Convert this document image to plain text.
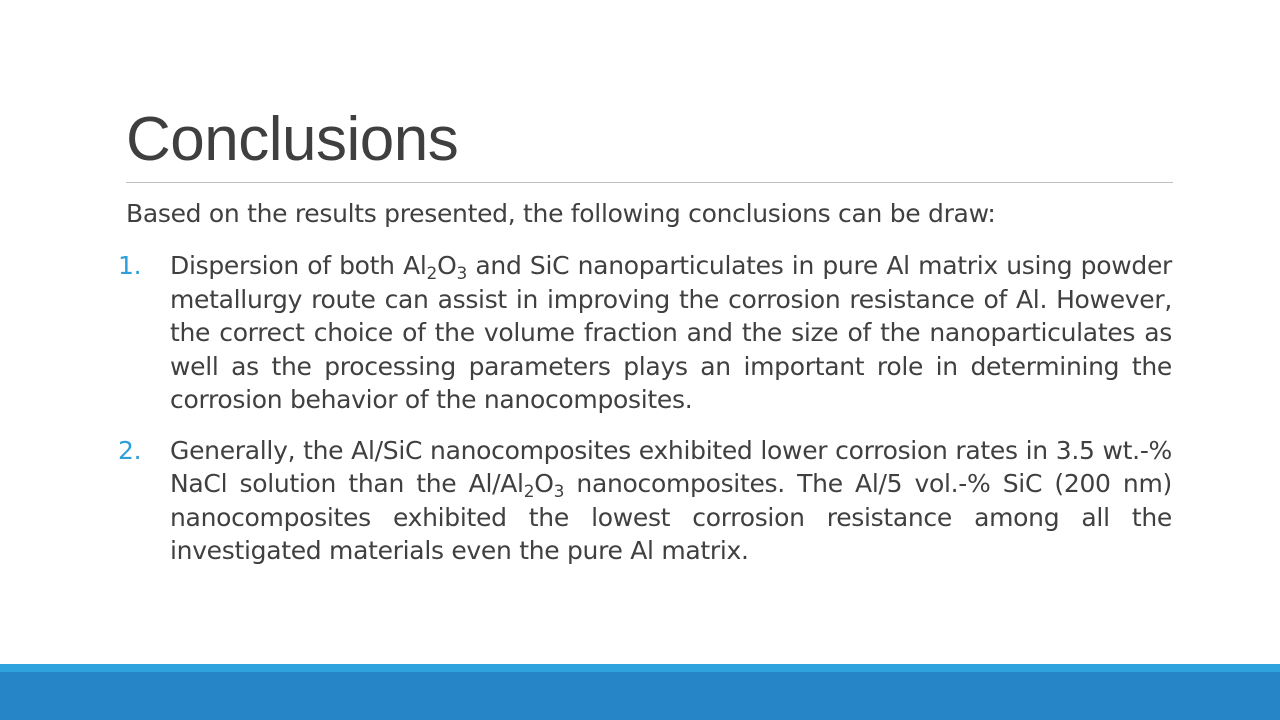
Conclusions

Based on the results presented, the following conclusions can be draw:

1. Dispersion of both $Al_2O_3$ and SiC nanoparticulates in pure Al matrix using powder metallurgy route can assist in improving the corrosion resistance of Al. However, the correct choice of the volume fraction and the size of the nanoparticulates as well as the processing parameters plays an important role in determining the corrosion behavior of the nanocomposites.
2. Generally, the Al/SiC nanocomposites exhibited lower corrosion rates in 3.5 wt.-% NaCl solution than the $Al/Al_2O_3$ nanocomposites. The Al/5 vol.-% SiC (200 nm) nanocomposites exhibited the lowest corrosion resistance among all the investigated materials even the pure Al matrix.
